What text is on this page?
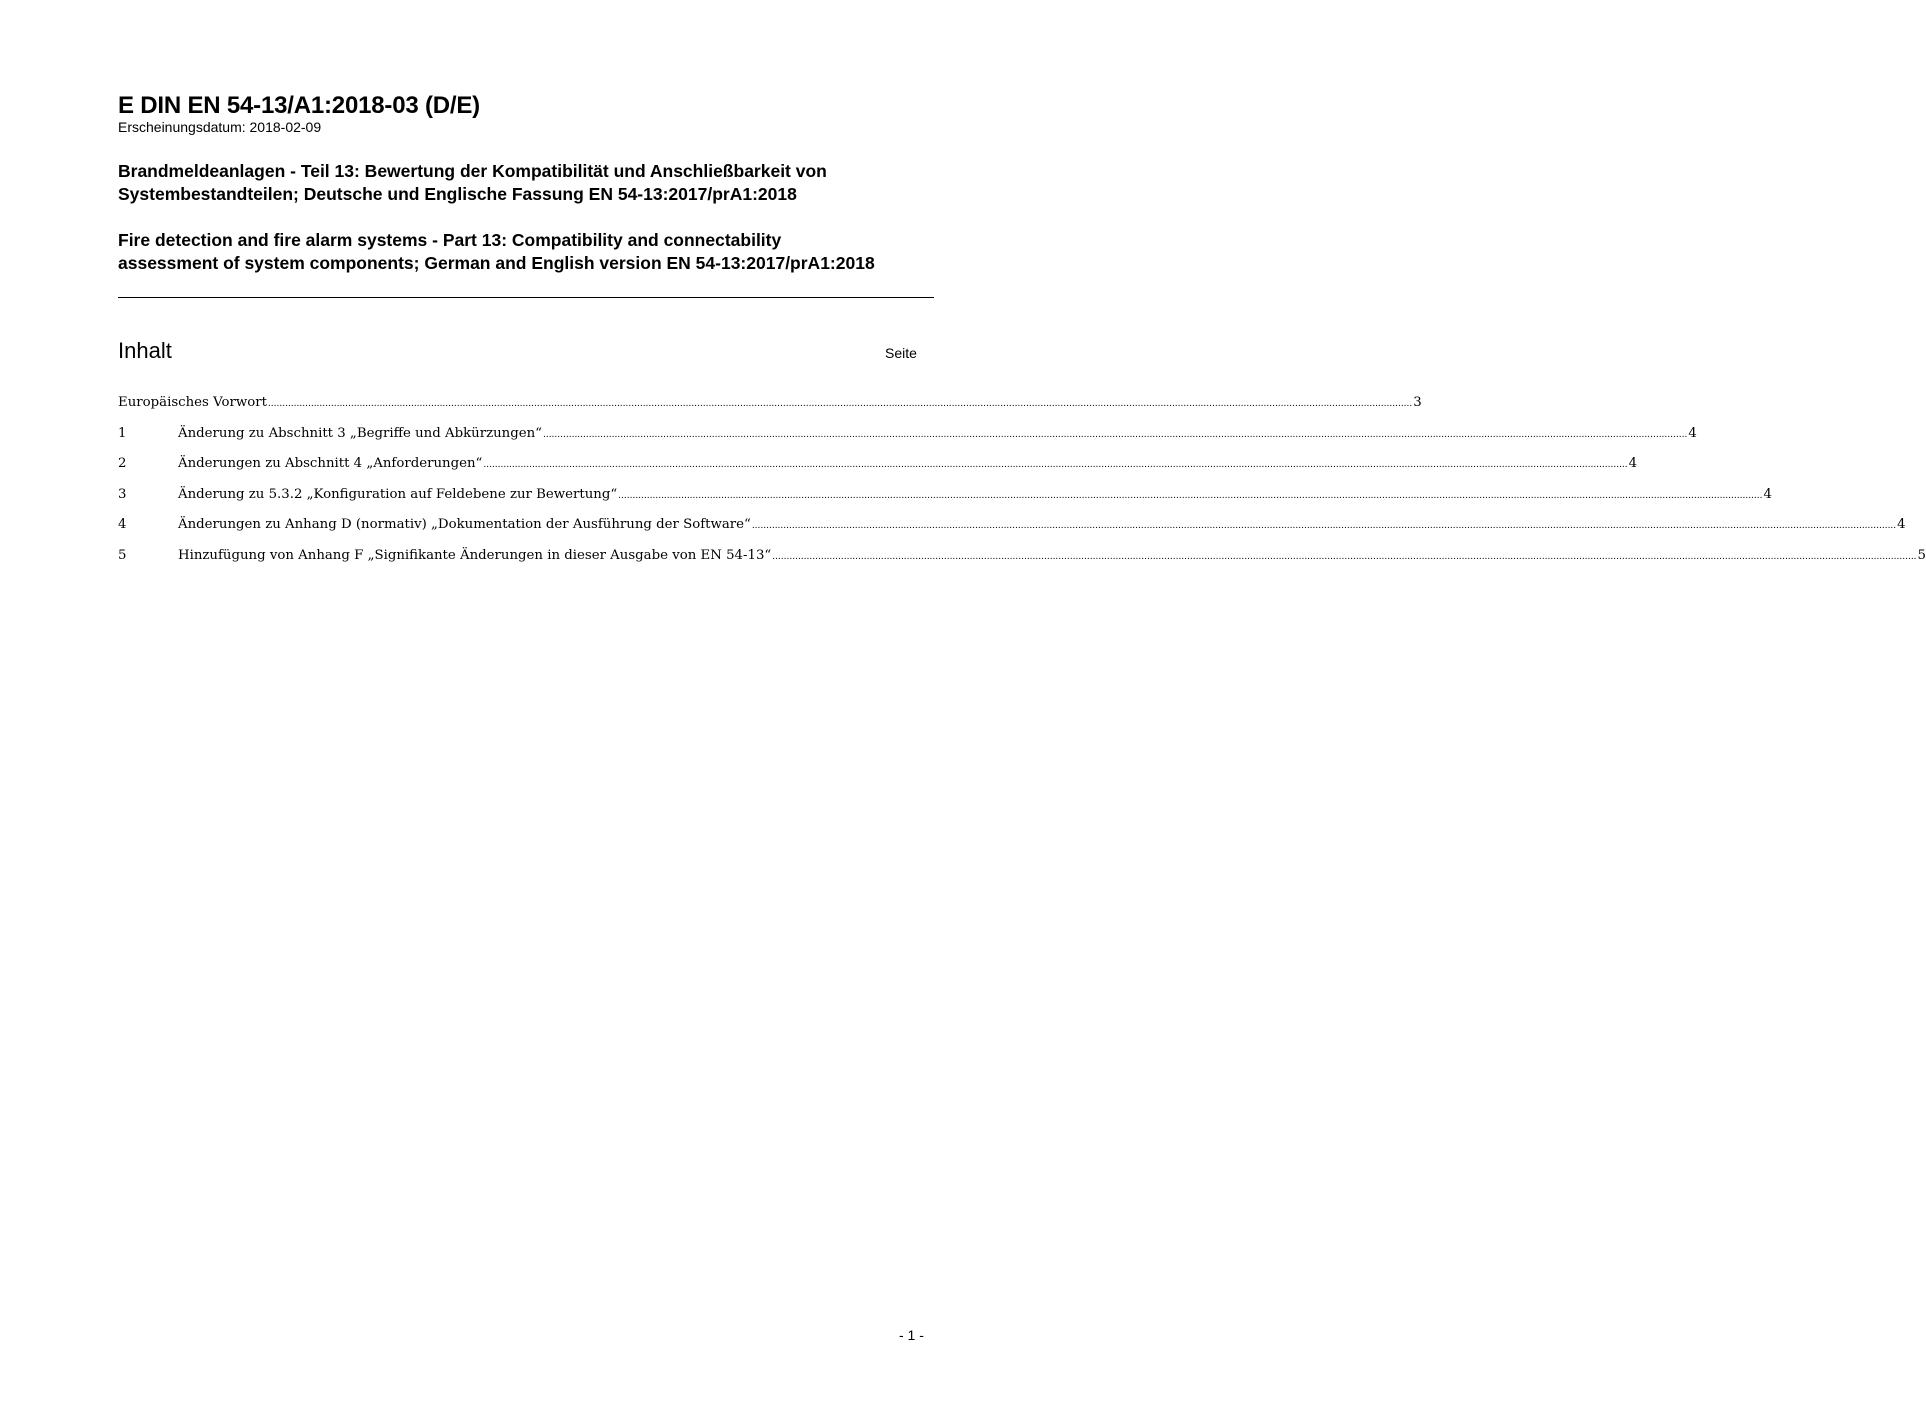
E DIN EN 54-13/A1:2018-03 (D/E)
Erscheinungsdatum: 2018-02-09
Brandmeldeanlagen - Teil 13: Bewertung der Kompatibilität und Anschließbarkeit von Systembestandteilen; Deutsche und Englische Fassung EN 54-13:2017/prA1:2018
Fire detection and fire alarm systems - Part 13: Compatibility and connectability assessment of system components; German and English version EN 54-13:2017/prA1:2018
Inhalt	Seite
Europäisches Vorwort ................................................................................................................................................................................................................................................................................................................................................................................................................ 3
1	Änderung zu Abschnitt 3 „Begriffe und Abkürzungen“ ................................................................................................................................................................................................................................................................................................................................................................................................................ 4
2	Änderungen zu Abschnitt 4 „Anforderungen“ ................................................................................................................................................................................................................................................................................................................................................................................................................ 4
3	Änderung zu 5.3.2 „Konfiguration auf Feldebene zur Bewertung“ ................................................................................................................................................................................................................................................................................................................................................................................................................ 4
4	Änderungen zu Anhang D (normativ) „Dokumentation der Ausführung der Software“ ................................................................................................................................................................................................................................................................................................................................................................................................................ 4
5	Hinzufügung von Anhang F „Signifikante Änderungen in dieser Ausgabe von EN 54-13“ ................................................................................................................................................................................................................................................................................................................................................................................................................ 5
- 1 -
